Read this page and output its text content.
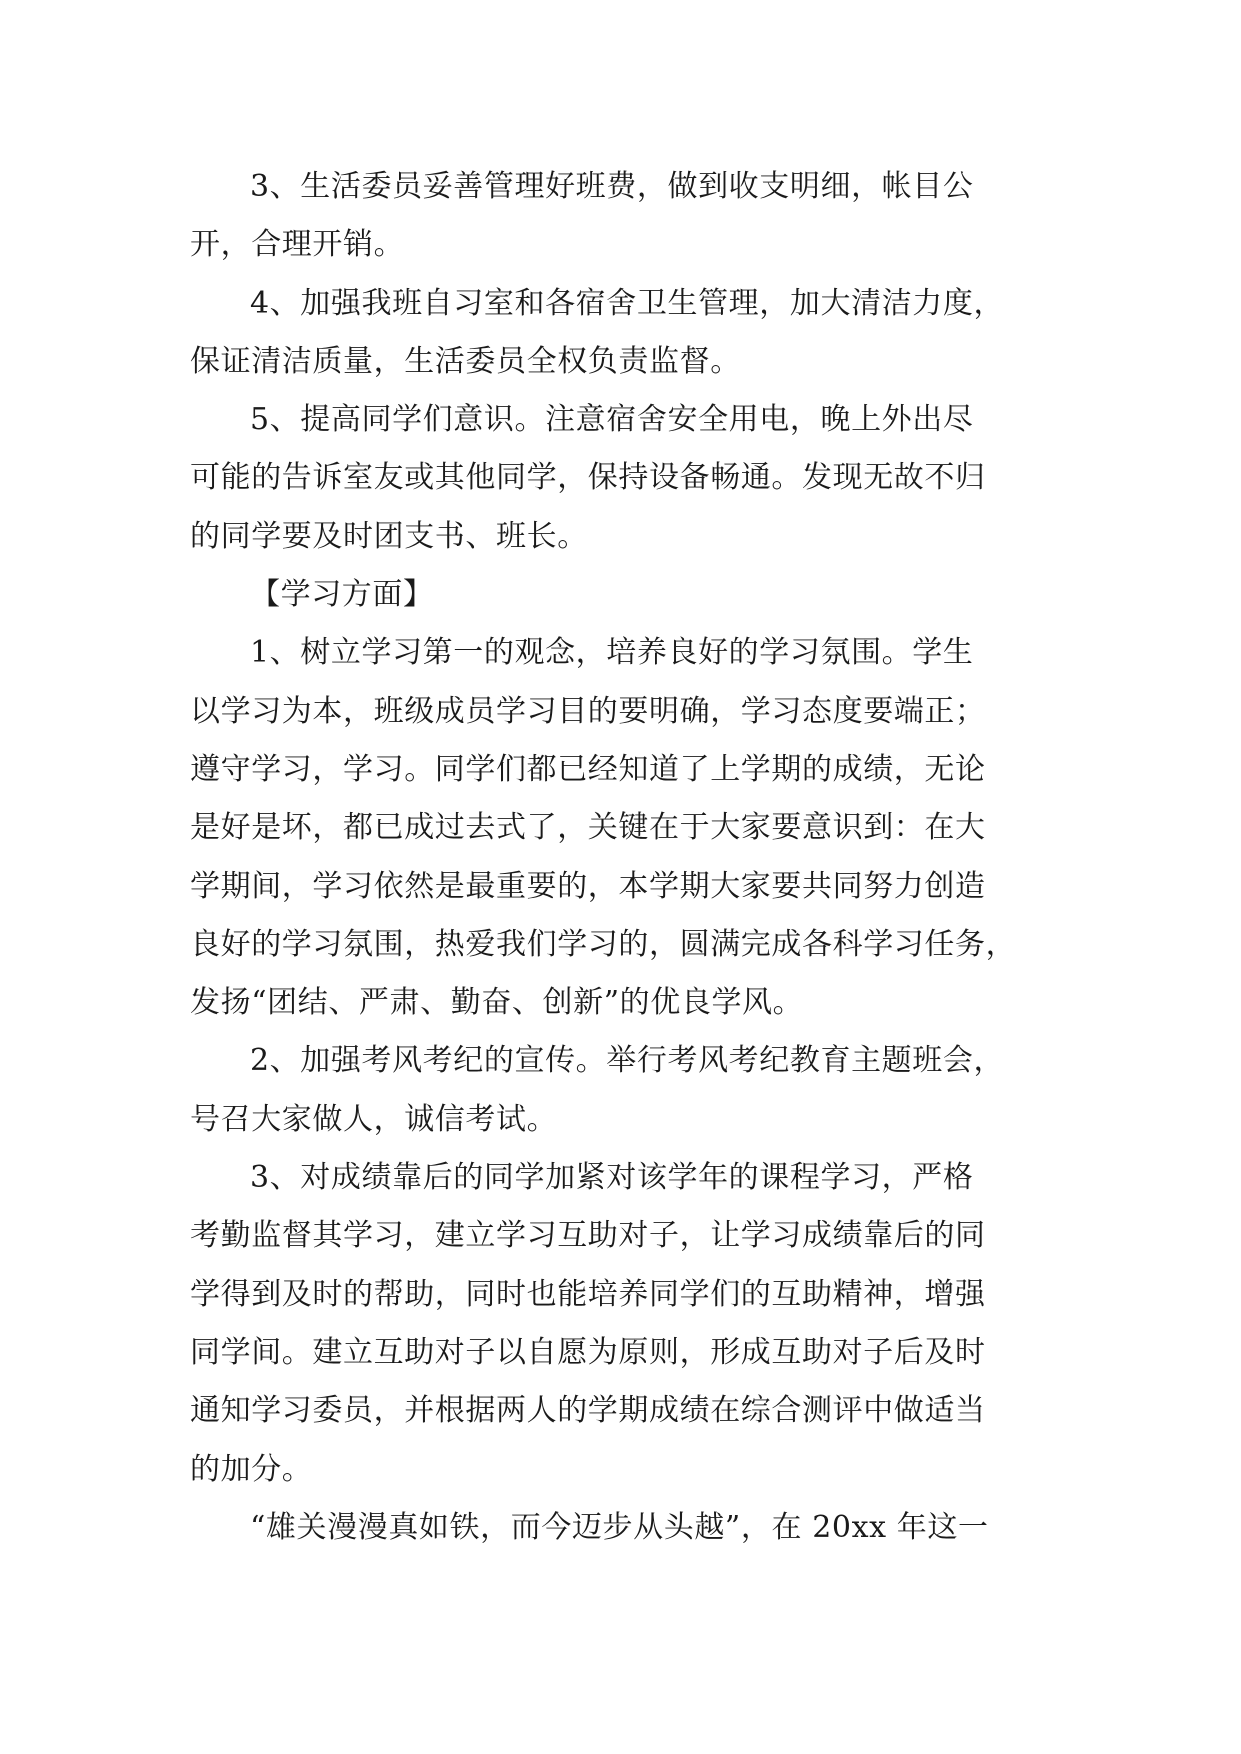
3、生活委员妥善管理好班费，做到收支明细，帐目公
开，合理开销。
4、加强我班自习室和各宿舍卫生管理，加大清洁力度，
保证清洁质量，生活委员全权负责监督。
5、提高同学们意识。注意宿舍安全用电，晚上外出尽
可能的告诉室友或其他同学，保持设备畅通。发现无故不归
的同学要及时团支书、班长。
【学习方面】
1、树立学习第一的观念，培养良好的学习氛围。学生
以学习为本，班级成员学习目的要明确，学习态度要端正；
遵守学习，学习。同学们都已经知道了上学期的成绩，无论
是好是坏，都已成过去式了，关键在于大家要意识到：在大
学期间，学习依然是最重要的，本学期大家要共同努力创造
良好的学习氛围，热爱我们学习的，圆满完成各科学习任务，
发扬“团结、严肃、勤奋、创新”的优良学风。
2、加强考风考纪的宣传。举行考风考纪教育主题班会，
号召大家做人，诚信考试。
3、对成绩靠后的同学加紧对该学年的课程学习，严格
考勤监督其学习，建立学习互助对子，让学习成绩靠后的同
学得到及时的帮助，同时也能培养同学们的互助精神，增强
同学间。建立互助对子以自愿为原则，形成互助对子后及时
通知学习委员，并根据两人的学期成绩在综合测评中做适当
的加分。
“雄关漫漫真如铁，而今迈步从头越”，在 20xx 年这一
